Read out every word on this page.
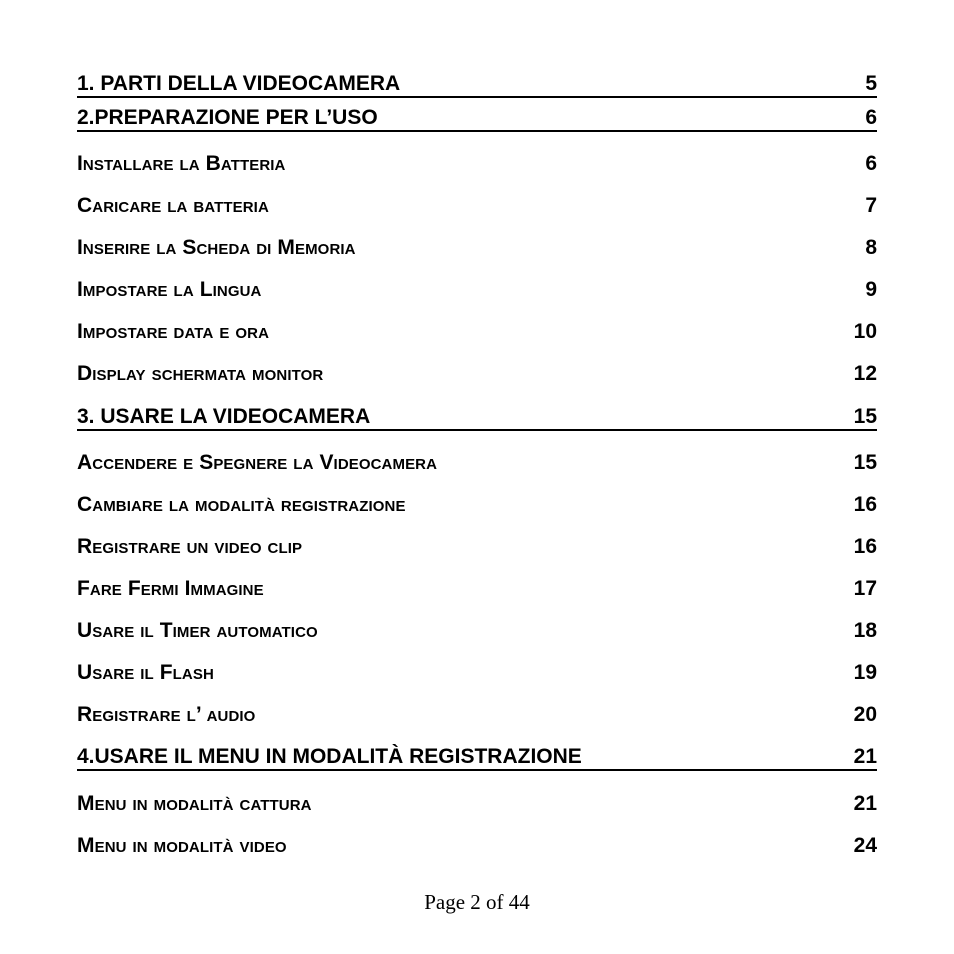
1. PARTI DELLA VIDEOCAMERA	5
2.PREPARAZIONE PER L’USO	6
Installare la Batteria	6
Caricare la batteria	7
Inserire la Scheda di Memoria	8
Impostare la Lingua	9
Impostare data e ora	10
Display schermata monitor	12
3. USARE LA VIDEOCAMERA	15
Accendere e Spegnere la Videocamera	15
Cambiare la modalità registrazione	16
Registrare un video clip	16
Fare Fermi Immagine	17
Usare il Timer automatico	18
Usare il Flash	19
Registrare l’ audio	20
4.USARE IL MENU IN MODALITÀ REGISTRAZIONE	21
Menu in modalità cattura	21
Menu in modalità video	24
Page 2 of 44
